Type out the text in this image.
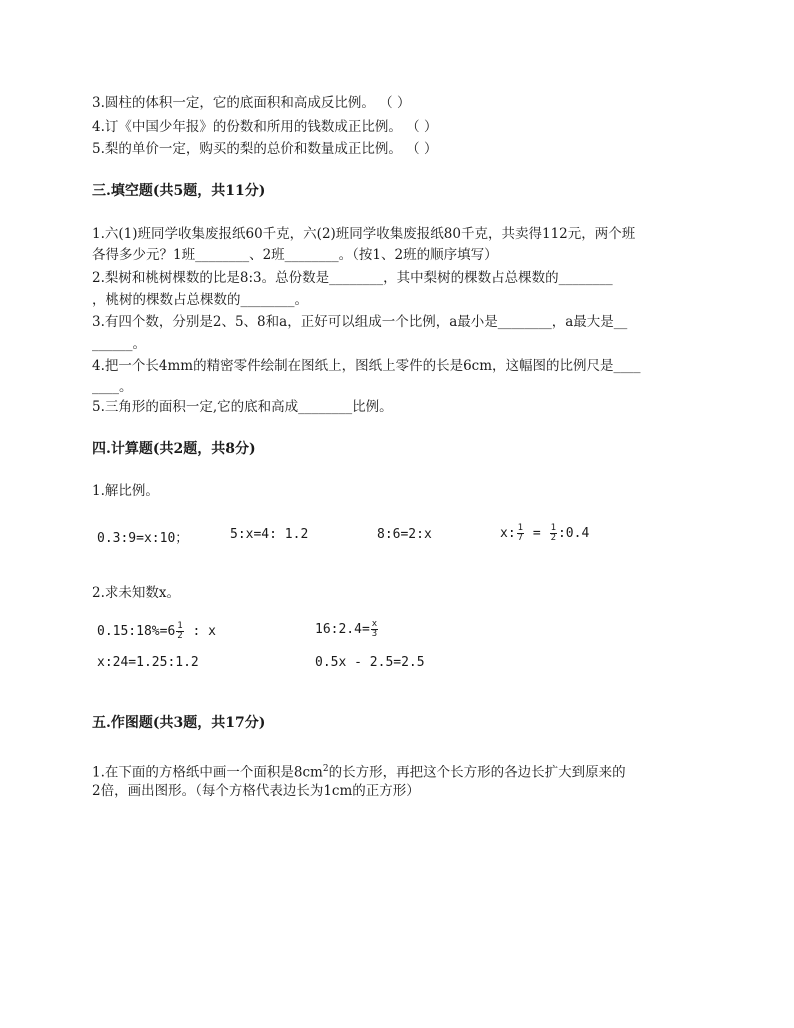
3.圆柱的体积一定，它的底面积和高成反比例。 （ ）
4.订《中国少年报》的份数和所用的钱数成正比例。 （ ）
5.梨的单价一定，购买的梨的总价和数量成正比例。 （ ）
三.填空题(共5题，共11分)
1.六(1)班同学收集废报纸60千克，六(2)班同学收集废报纸80千克，共卖得112元，两个班
各得多少元？1班________、2班________。（按1、2班的顺序填写）
2.梨树和桃树棵数的比是8:3。总份数是________，其中梨树的棵数占总棵数的________
，桃树的棵数占总棵数的________。
3.有四个数，分别是2、5、8和a，正好可以组成一个比例，a最小是________，a最大是__
______。
4.把一个长4mm的精密零件绘制在图纸上，图纸上零件的长是6cm，这幅图的比例尺是____
____。
5.三角形的面积一定,它的底和高成________比例。
四.计算题(共2题，共8分)
1.解比例。
0.3:9=x:10；	5:x=4: 1.2	8:6=2:x	x: $\frac{1}{7} = \frac{1}{2}$ :0.4
2.求未知数x。
0.15:18%=6 $\frac{1}{2}$ : x	16:2.4= $\frac{x}{3}$
x:24=1.25:1.2	0.5x - 2.5=2.5
五.作图题(共3题，共17分)
1.在下面的方格纸中画一个面积是$8cm^2$的长方形，再把这个长方形的各边长扩大到原来的
2倍，画出图形。（每个方格代表边长为1cm的正方形）
